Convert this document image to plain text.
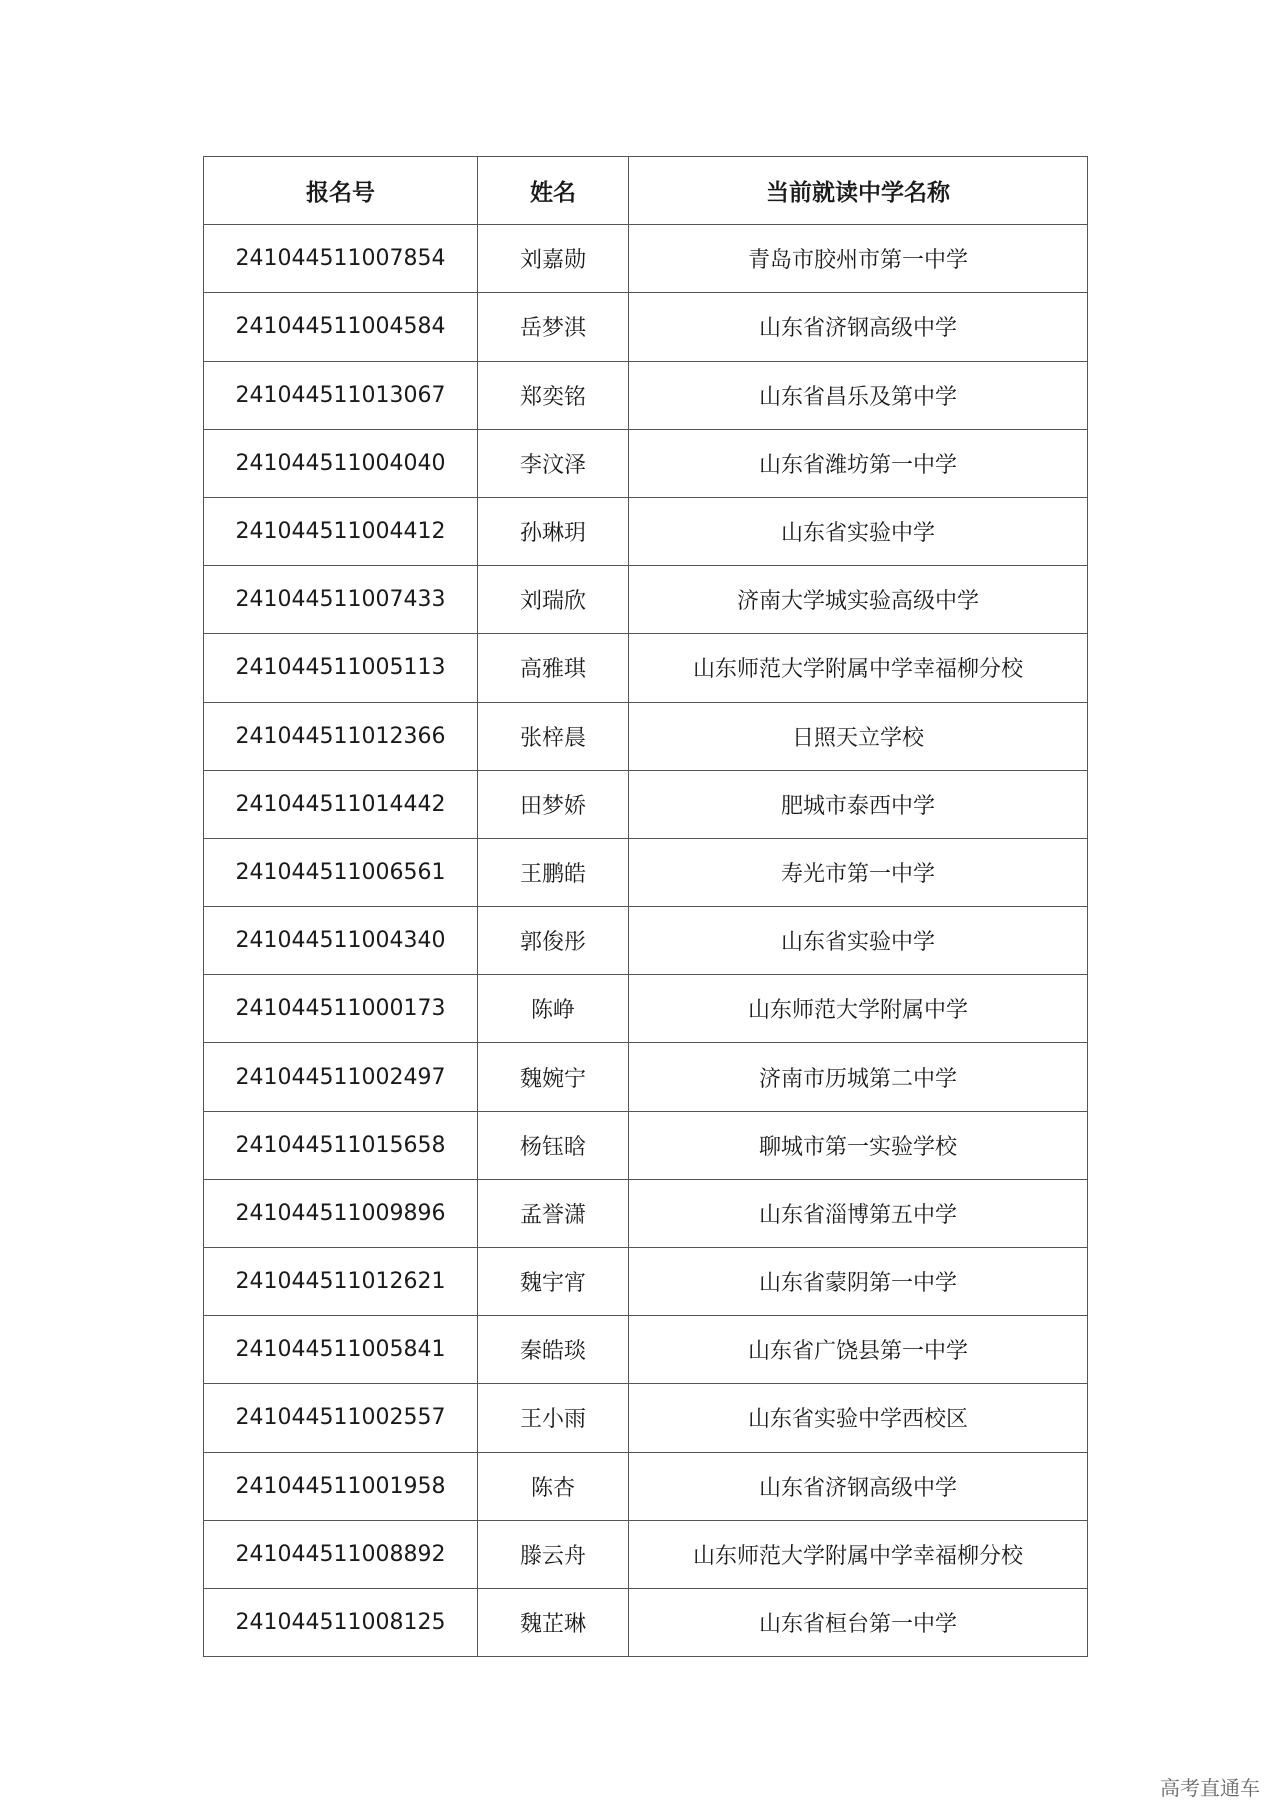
报名号	姓名	当前就读中学名称
241044511007854	刘嘉勋	青岛市胶州市第一中学
241044511004584	岳梦淇	山东省济钢高级中学
241044511013067	郑奕铭	山东省昌乐及第中学
241044511004040	李汶泽	山东省潍坊第一中学
241044511004412	孙琳玥	山东省实验中学
241044511007433	刘瑞欣	济南大学城实验高级中学
241044511005113	高雅琪	山东师范大学附属中学幸福柳分校
241044511012366	张梓晨	日照天立学校
241044511014442	田梦娇	肥城市泰西中学
241044511006561	王鹏皓	寿光市第一中学
241044511004340	郭俊彤	山东省实验中学
241044511000173	陈峥	山东师范大学附属中学
241044511002497	魏婉宁	济南市历城第二中学
241044511015658	杨钰晗	聊城市第一实验学校
241044511009896	孟誉潇	山东省淄博第五中学
241044511012621	魏宇宵	山东省蒙阴第一中学
241044511005841	秦皓琰	山东省广饶县第一中学
241044511002557	王小雨	山东省实验中学西校区
241044511001958	陈杏	山东省济钢高级中学
241044511008892	滕云舟	山东师范大学附属中学幸福柳分校
241044511008125	魏芷琳	山东省桓台第一中学
高考直通车
